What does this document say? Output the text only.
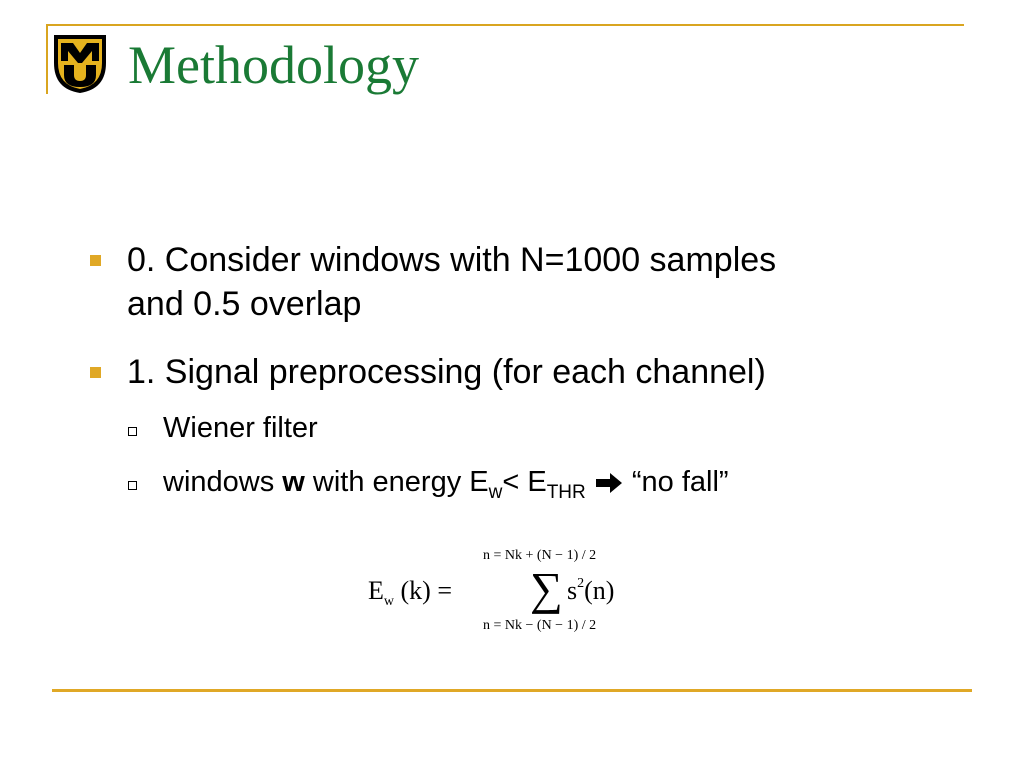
Methodology
0. Consider windows with N=1000 samples
and 0.5 overlap
1. Signal preprocessing (for each channel)
Wiener filter
windows w with energy $E_w< E_{THR}$  “no fall”
n = Nk + (N − 1) / 2
$E_w$ (k) = ∑ $s^2(n)$
n = Nk − (N − 1) / 2
